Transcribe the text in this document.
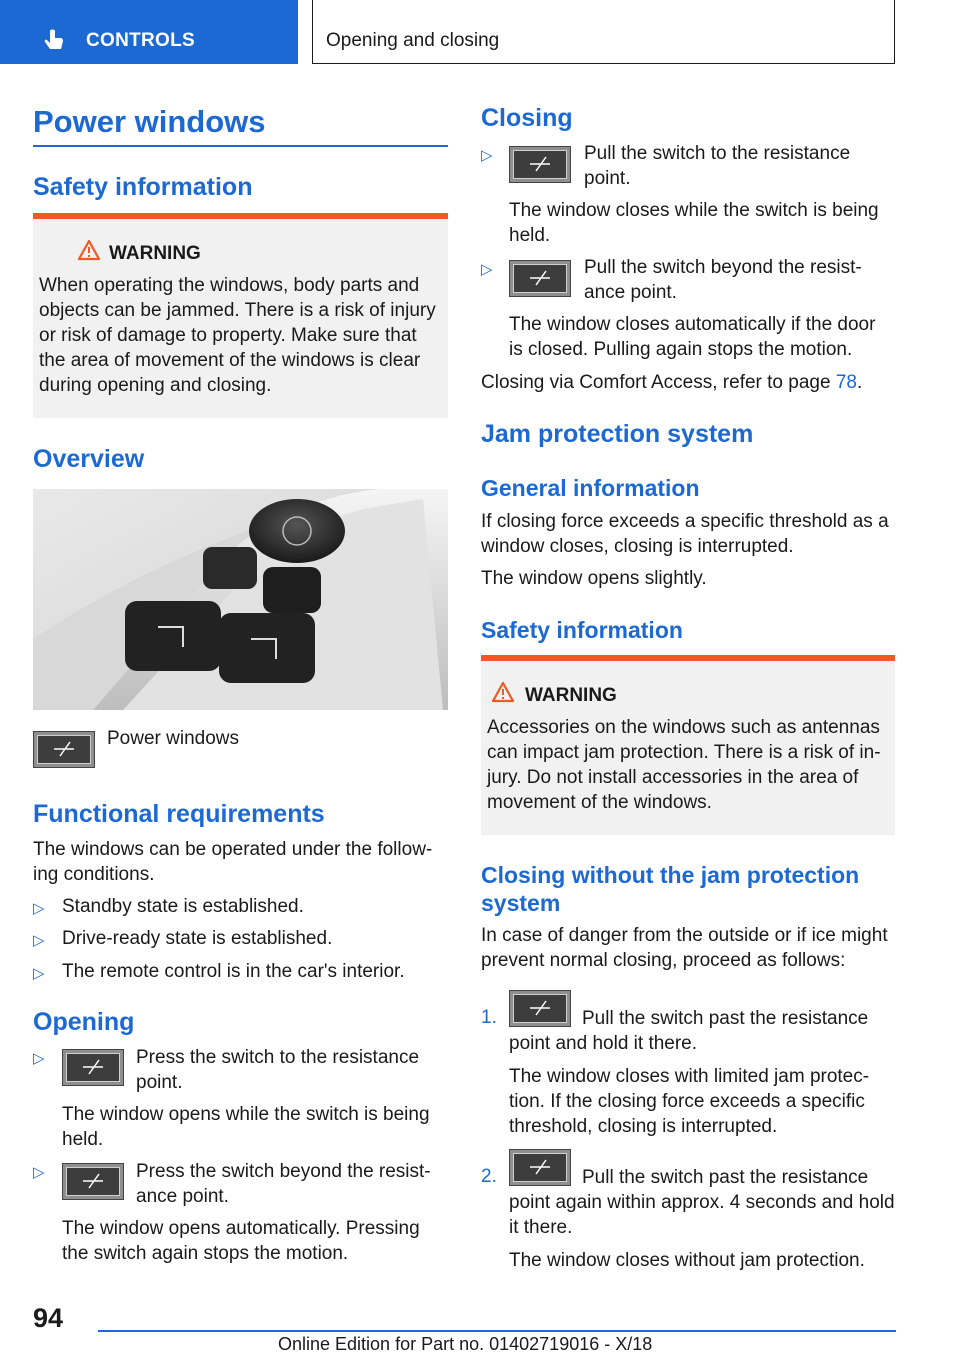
CONTROLS	Opening and closing
Power windows
Safety information
WARNING
When operating the windows, body parts and
objects can be jammed. There is a risk of injury
or risk of damage to property. Make sure that
the area of movement of the windows is clear
during opening and closing.
Overview
Power windows
Functional requirements
The windows can be operated under the follow‐
ing conditions.
▷ Standby state is established.
▷ Drive-ready state is established.
▷ The remote control is in the car's interior.
Opening
▷	Press the switch to the resistance
point.
The window opens while the switch is being
held.
▷	Press the switch beyond the resist‐
ance point.
The window opens automatically. Pressing
the switch again stops the motion.
Closing
▷	Pull the switch to the resistance
point.
The window closes while the switch is being
held.
▷	Pull the switch beyond the resist‐
ance point.
The window closes automatically if the door
is closed. Pulling again stops the motion.
Closing via Comfort Access, refer to page 78.
Jam protection system
General information
If closing force exceeds a specific threshold as a
window closes, closing is interrupted.
The window opens slightly.
Safety information
WARNING
Accessories on the windows such as antennas
can impact jam protection. There is a risk of in‐
jury. Do not install accessories in the area of
movement of the windows.
Closing without the jam protection
system
In case of danger from the outside or if ice might
prevent normal closing, proceed as follows:
1.	Pull the switch past the resistance
point and hold it there.
The window closes with limited jam protec‐
tion. If the closing force exceeds a specific
threshold, closing is interrupted.
2.	Pull the switch past the resistance
point again within approx. 4 seconds and hold
it there.
The window closes without jam protection.
94
Online Edition for Part no. 01402719016 - X/18
